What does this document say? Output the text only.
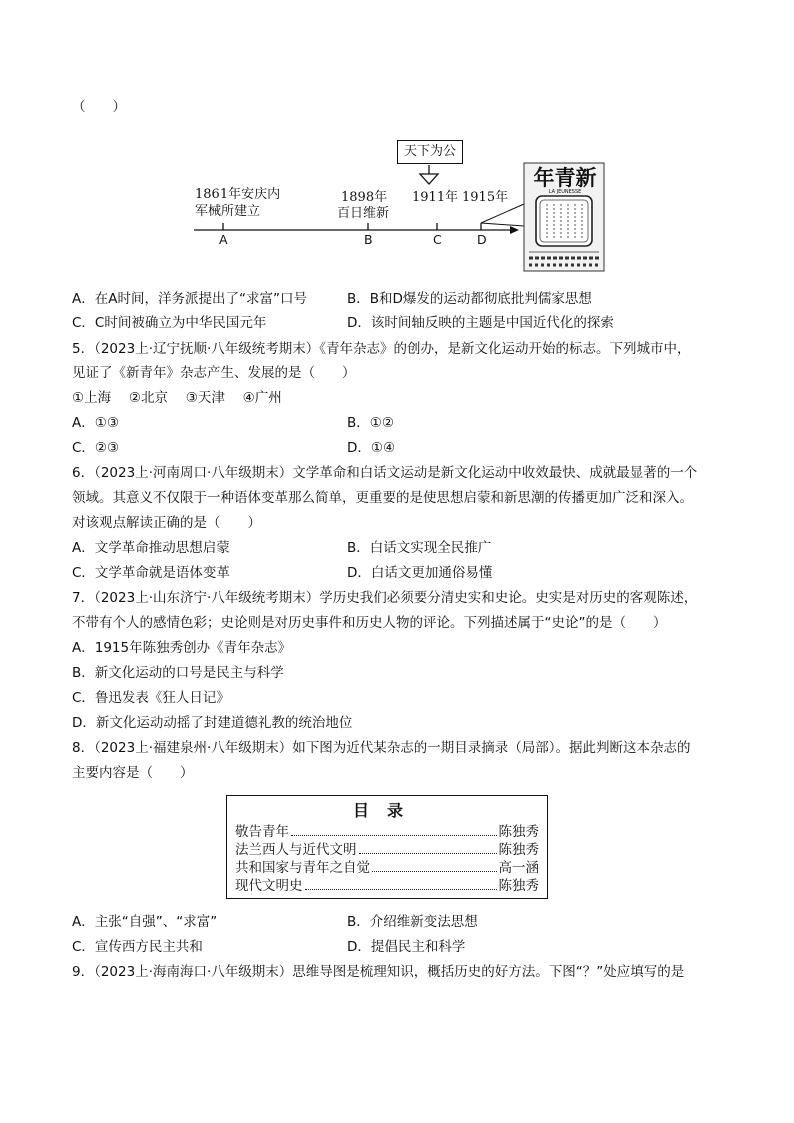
（　　）
天下为公
年青新
LA JEUNESSE
1861年安庆内
军械所建立
1898年
百日维新
1911年 1915年
A	B	C	D
A．在A时间，洋务派提出了“求富”口号	B．B和D爆发的运动都彻底批判儒家思想
C．C时间被确立为中华民国元年	D．该时间轴反映的主题是中国近代化的探索
5．（2023上·辽宁抚顺·八年级统考期末）《青年杂志》的创办，是新文化运动开始的标志。下列城市中，
见证了《新青年》杂志产生、发展的是（　　）
①上海　 ②北京　 ③天津　 ④广州
A．①③	B．①②
C．②③	D．①④
6．（2023上·河南周口·八年级期末）文学革命和白话文运动是新文化运动中收效最快、成就最显著的一个
领域。其意义不仅限于一种语体变革那么简单，更重要的是使思想启蒙和新思潮的传播更加广泛和深入。
对该观点解读正确的是（　　）
A．文学革命推动思想启蒙	B．白话文实现全民推广
C．文学革命就是语体变革	D．白话文更加通俗易懂
7．（2023上·山东济宁·八年级统考期末）学历史我们必须要分清史实和史论。史实是对历史的客观陈述，
不带有个人的感情色彩；史论则是对历史事件和历史人物的评论。下列描述属于“史论”的是（　　）
A．1915年陈独秀创办《青年杂志》
B．新文化运动的口号是民主与科学
C．鲁迅发表《狂人日记》
D．新文化运动动摇了封建道德礼教的统治地位
8．（2023上·福建泉州·八年级期末）如下图为近代某杂志的一期目录摘录（局部）。据此判断这本杂志的
主要内容是（　　）
目录
敬告青年	陈独秀
法兰西人与近代文明	陈独秀
共和国家与青年之自觉	高一涵
现代文明史	陈独秀
A．主张“自强”、“求富”	B．介绍维新变法思想
C．宣传西方民主共和	D．提倡民主和科学
9．（2023上·海南海口·八年级期末）思维导图是梳理知识，概括历史的好方法。下图“？”处应填写的是
